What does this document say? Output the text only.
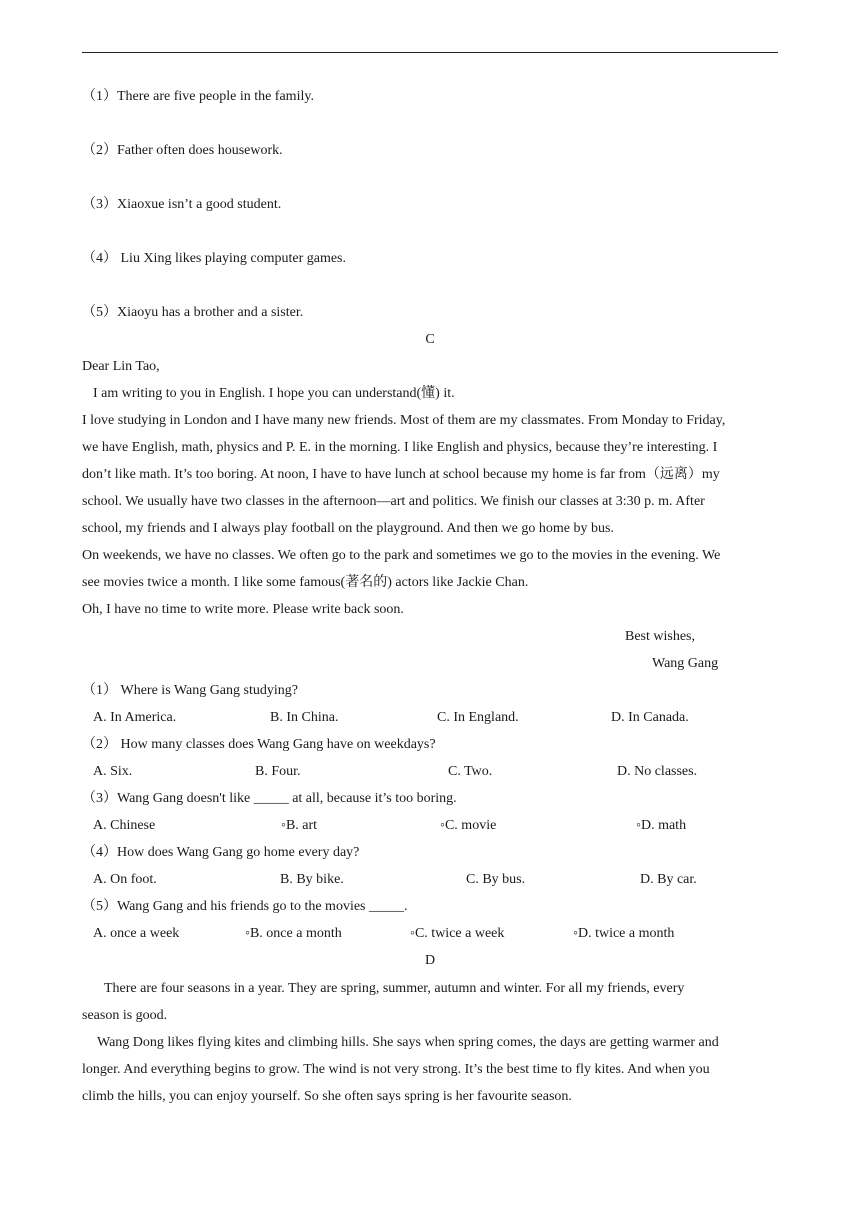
（1）There are five people in the family.
（2）Father often does housework.
（3）Xiaoxue isn’t a good student.
（4） Liu Xing likes playing computer games.
（5）Xiaoyu has a brother and a sister.
C
Dear Lin Tao,
I am writing to you in English. I hope you can understand(懂) it.
I love studying in London and I have many new friends. Most of them are my classmates. From Monday to Friday,
we have English, math, physics and P. E. in the morning. I like English and physics, because they’re interesting. I
don’t like math. It’s too boring. At noon, I have to have lunch at school because my home is far from（远离）my
school. We usually have two classes in the afternoon—art and politics. We finish our classes at 3:30 p. m. After
school, my friends and I always play football on the playground. And then we go home by bus.
On weekends, we have no classes. We often go to the park and sometimes we go to the movies in the evening. We
see movies twice a month. I like some famous(著名的) actors like Jackie Chan.
Oh, I have no time to write more. Please write back soon.
Best wishes,
Wang Gang
（1） Where is Wang Gang studying?
A. In America.	B. In China.	C. In England.	D. In Canada.
（2） How many classes does Wang Gang have on weekdays?
A. Six.	B. Four.	C. Two.	D. No classes.
（3）Wang Gang doesn't like _____ at all, because it’s too boring.
A. Chinese	◦B. art	◦C. movie	◦D. math
（4）How does Wang Gang go home every day?
A. On foot.	B. By bike.	C. By bus.	D. By car.
（5）Wang Gang and his friends go to the movies _____.
A. once a week	◦B. once a month	◦C. twice a week	◦D. twice a month
D
There are four seasons in a year. They are spring, summer, autumn and winter. For all my friends, every
season is good.
Wang Dong likes flying kites and climbing hills. She says when spring comes, the days are getting warmer and
longer. And everything begins to grow. The wind is not very strong. It’s the best time to fly kites. And when you
climb the hills, you can enjoy yourself. So she often says spring is her favourite season.
